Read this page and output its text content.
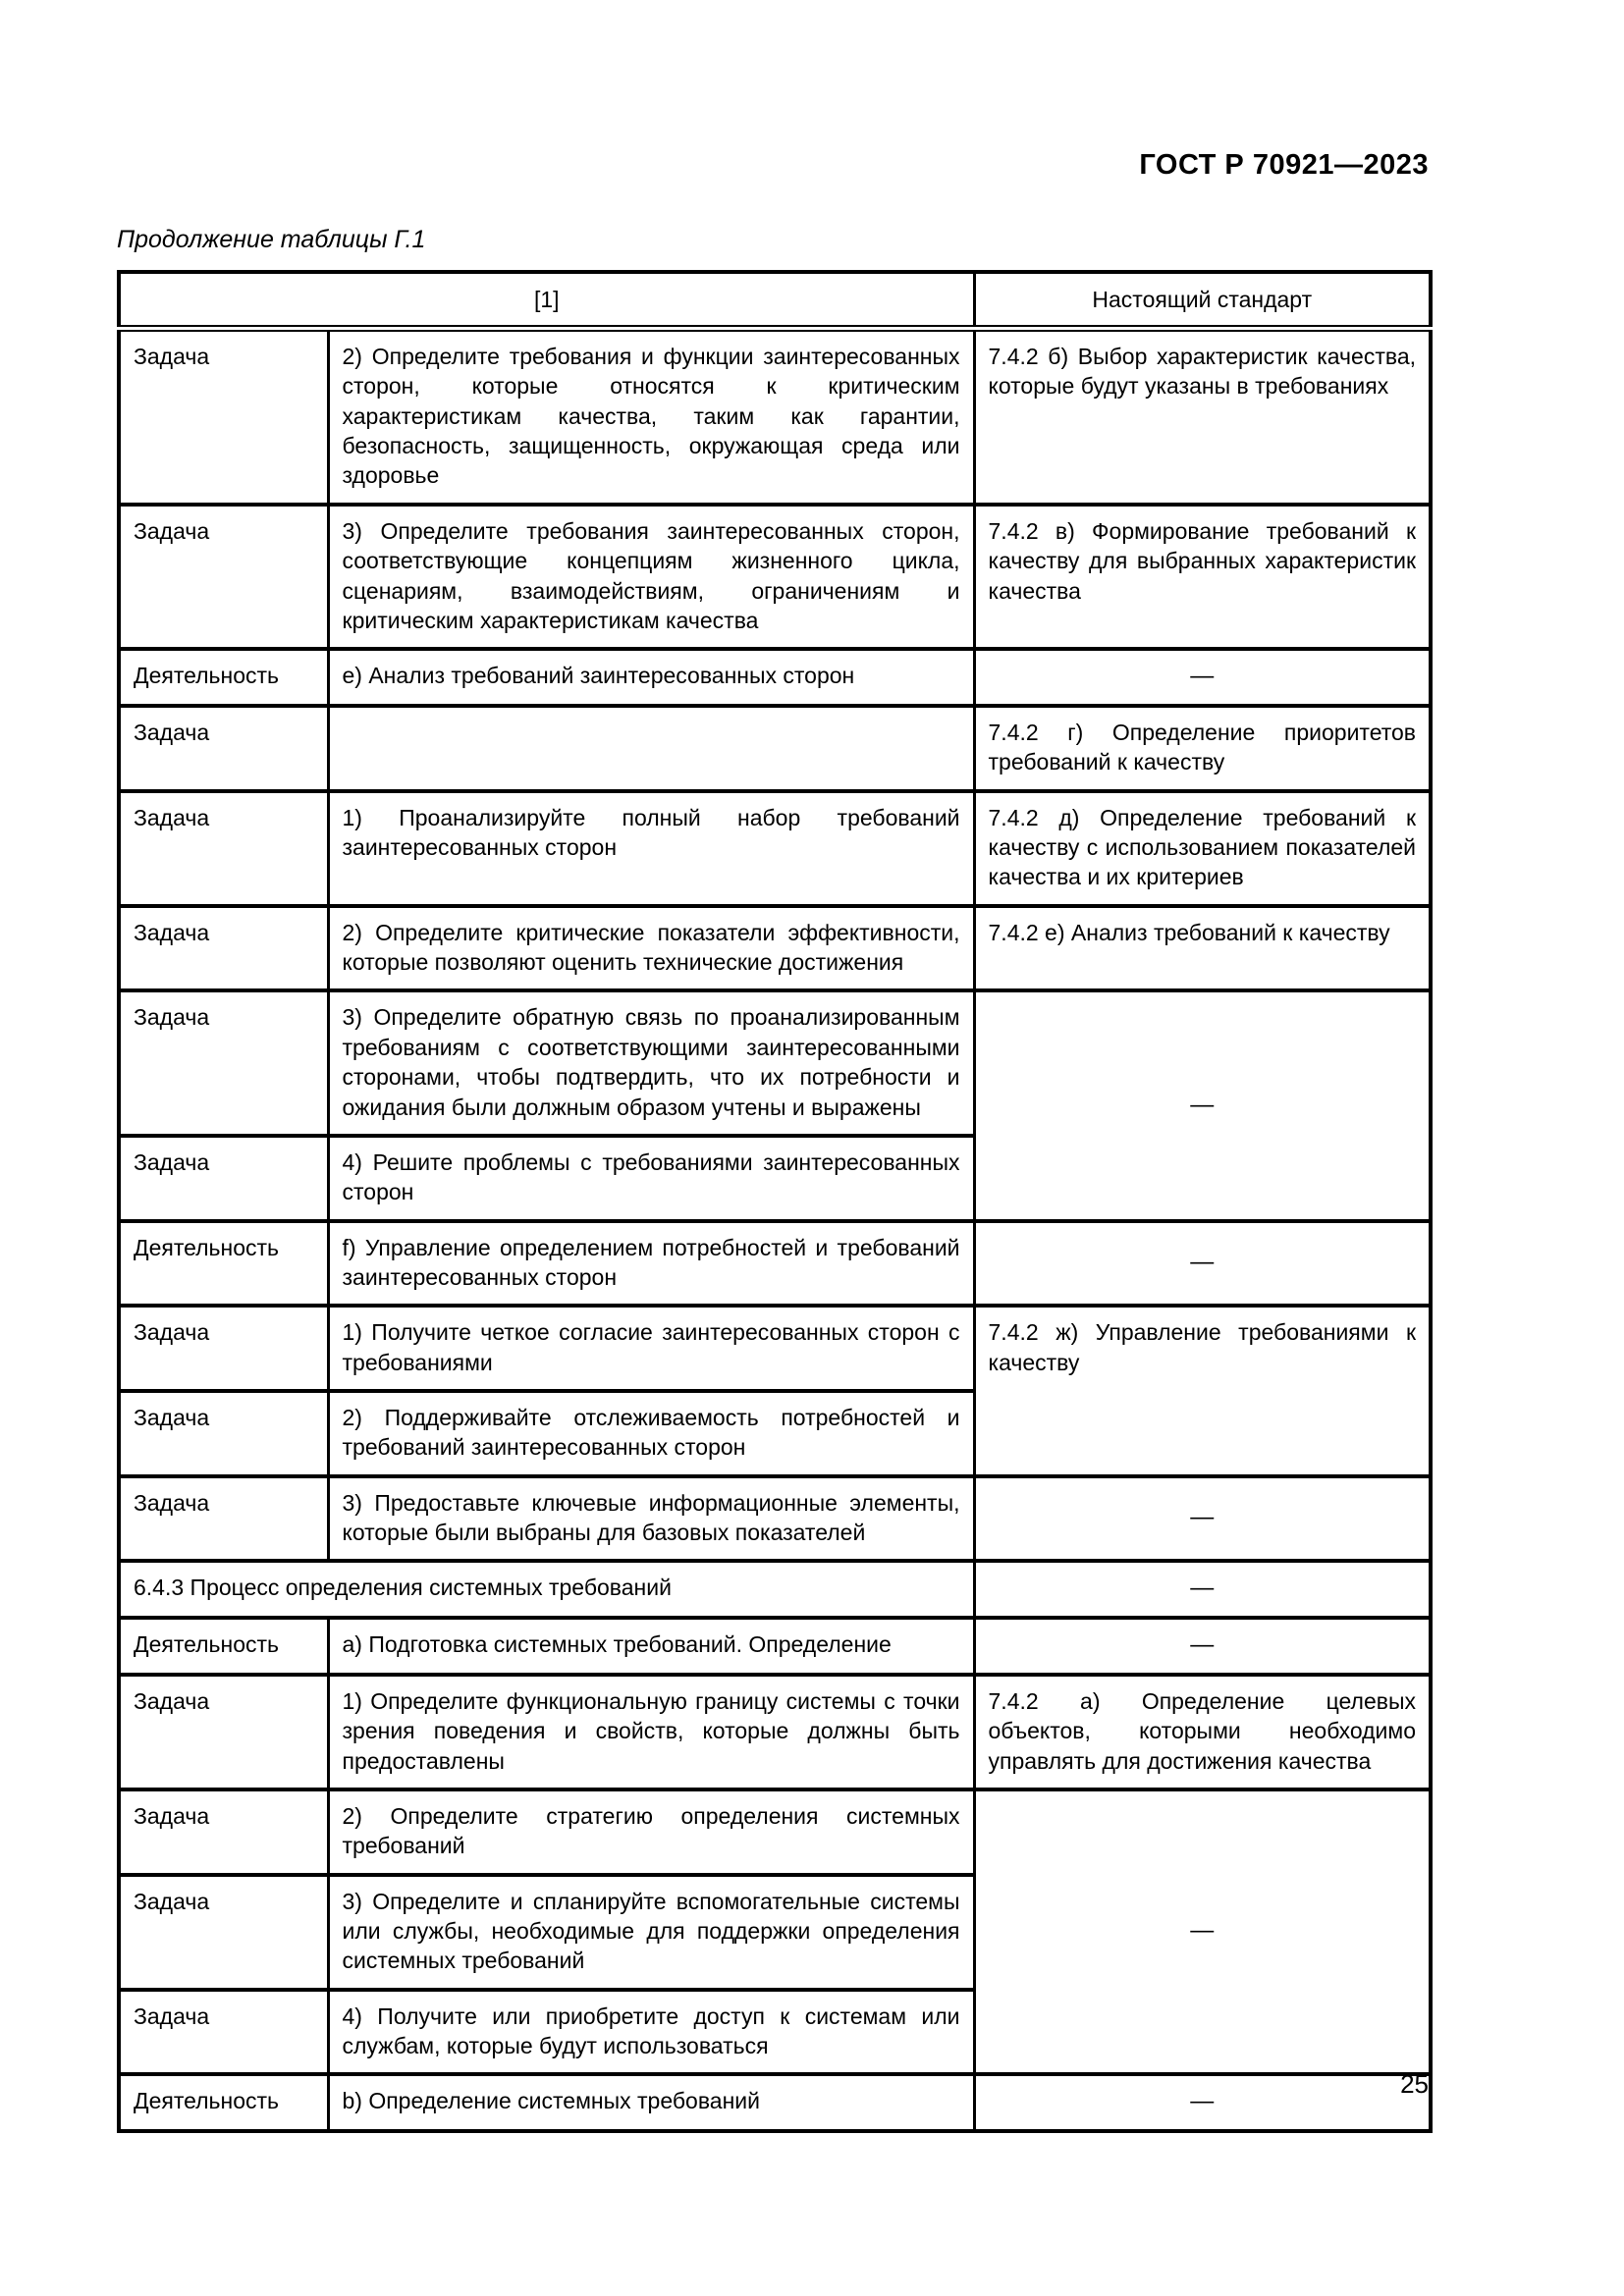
ГОСТ Р 70921—2023
Продолжение таблицы Г.1
[1]		Настоящий стандарт
Задача	2) Определите требования и функции заинтересованных сторон, которые относятся к критическим характеристикам качества, таким как гарантии, безопасность, защищенность, окружающая среда или здоровье	7.4.2 б) Выбор характеристик качества, которые будут указаны в требованиях
Задача	3) Определите требования заинтересованных сторон, соответствующие концепциям жизненного цикла, сценариям, взаимодействиям, ограничениям и критическим характеристикам качества	7.4.2 в) Формирование требований к качеству для выбранных характеристик качества
Деятельность	e) Анализ требований заинтересованных сторон	—
Задача		7.4.2 г) Определение приоритетов требований к качеству
Задача	1) Проанализируйте полный набор требований заинтересованных сторон	7.4.2 д) Определение требований к качеству с использованием показателей качества и их критериев
Задача	2) Определите критические показатели эффективности, которые позволяют оценить технические достижения	7.4.2 е) Анализ требований к качеству
Задача	3) Определите обратную связь по проанализированным требованиям с соответствующими заинтересованными сторонами, чтобы подтвердить, что их потребности и ожидания были должным образом учтены и выражены	—
Задача	4) Решите проблемы с требованиями заинтересованных сторон	
Деятельность	f) Управление определением потребностей и требований заинтересованных сторон	—
Задача	1) Получите четкое согласие заинтересованных сторон с требованиями	7.4.2 ж) Управление требованиями к качеству
Задача	2) Поддерживайте отслеживаемость потребностей и требований заинтересованных сторон	
Задача	3) Предоставьте ключевые информационные элементы, которые были выбраны для базовых показателей	—
6.4.3 Процесс определения системных требований		—
Деятельность	a) Подготовка системных требований. Определение	—
Задача	1) Определите функциональную границу системы с точки зрения поведения и свойств, которые должны быть предоставлены	7.4.2 а) Определение целевых объектов, которыми необходимо управлять для достижения качества
Задача	2) Определите стратегию определения системных требований	—
Задача	3) Определите и спланируйте вспомогательные системы или службы, необходимые для поддержки определения системных требований	
Задача	4) Получите или приобретите доступ к системам или службам, которые будут использоваться	
Деятельность	b) Определение системных требований	—
25
